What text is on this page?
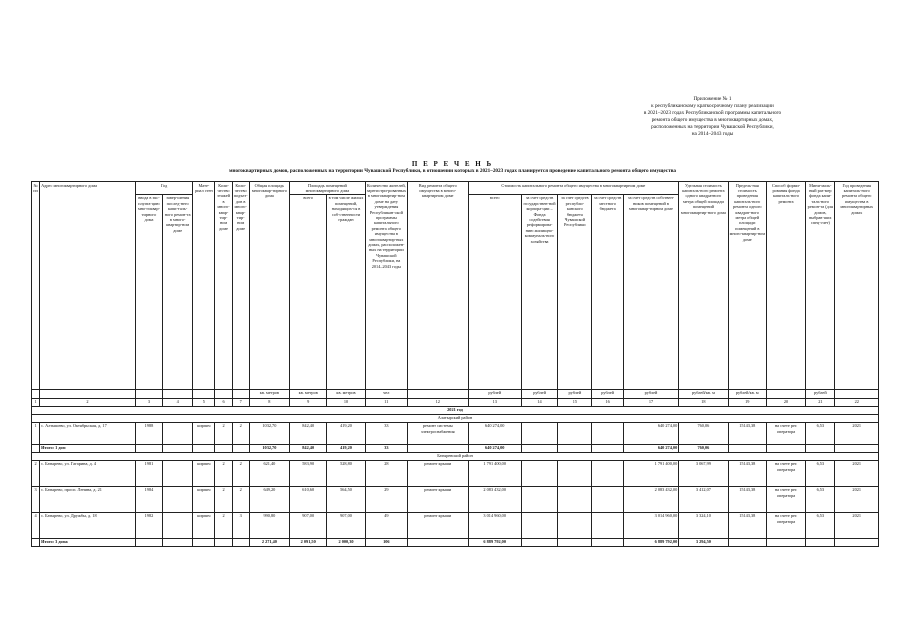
Приложение № 1
к республиканскому краткосрочному плану реализации
в 2021–2023 годах Республиканской программы капитального
ремонта общего имущества в многоквартирных домах,
расположенных на территории Чувашской Республики,
на 2014–2043 годы
П Е Р Е Ч Е Н Ь
многоквартирных домов, расположенных на территории Чувашской Республики, в отношении которых в 2021–2023 годах планируется проведение капитального ремонта общего имущества
№ пп	Адрес многоквартирного дома	Год		Мате-риал стен	Коли-чество этажей в много-квар-тир-ном доме	Коли-чество подъез-дов в много-квар-тир-ном доме	Общая площадь многоквар-тирного дома	Площадь помещений многоквартирного дома		Количество жителей, зарегистри-рованных в многоквартир-ном доме на дату утверждения Республикан-ской программы капитального ремонта общего имущества в многоквартир-ных домах, расположен-ных на территории Чувашской Республики, на 2014–2043 годы	Вид ремонта общего имущества в много-квартирном доме	Стоимость капитального ремонта общего имущества в многоквартирном доме					Удельная стоимость капиталь-ного ремонта одного квадратного метра общей площади помещений многоквартир-ного дома	Предель-ная стоимость проведения капиталь-ного ремонта одного квадрат-ного метра общей площади помещений в много-квартир-ном доме	Способ форми-рования фонда капиталь-ного ремонта	Мини-маль-ный раз-мер фонда капи-таль-ного ремон-та (для домов, выбрав-ших спец-счет)	Год проведения капиталь-ного ремонта общего имущества в многоквартирных домах
		ввода в экс-плуата-цию мно-гоквар-тирного дома	завер-шения послед-него капи-таль-ного ремон-та в много-квартир-ном доме					всего	в том числе жилых помещений, находящих-ся в соб-ственности граждан			всего	за счет средств государствен-ной корпора-ции – Фонда содействия реформирова-нию жилищно-коммуналь-ного хозяйства	за счет средств республи-канского бюджета Чувашской Республики	за счет средств местного бюджета	за счет средств собствен-ников помещений в многоквар-тирном доме					
							кв. метров	кв. метров	кв. метров	чел		рублей	рублей	рублей	рублей	рублей	рублей/кв. м	рублей/кв. м		рублей	
1	2	3	4	5	6	7	8	9	10	11	12	13	14	15	16	17	18	19	20	21	22
2021 год																					
Алатырский район																					
1	с. Алтышево, ул. Октябрьская, д. 17	1988		кирпич	2	2	1032,70	842,40	419,20	33	ремонт системы электроснабжения	640 274,00				640 274,00	760,06	15143,38	на счете рег. оператора	6,53	2021
	Итого: 1 дом						1032,70	842,40	419,20	33		640 274,00				640 274,00	760,06				
Батыревский район																					
2	с. Батырево, ул. Гагарина, д. 4	1981		кирпич	2	2	621,40	583,90	528,80	28	ремонт крыши	1 791 400,00				1 791 400,00	3 067,99	15143,38	на счете рег. оператора	6,53	2021
3	с. Батырево, просп. Ленина, д. 21	1984		кирпич	2	2	649,20	610,60	564,50	29	ремонт крыши	2 083 432,00				2 083 432,00	3 412,07	15143,38	на счете рег. оператора	6,53	2021
4	с. Батырево, ул. Дружбы, д. 18	1982		кирпич	2	3	990,80	907,00	907,00	49	ремонт крыши	3 014 960,00				3 014 960,00	3 324,10	15143,38	на счете рег. оператора	6,53	2021
	Итого: 3 дома						2 271,40	2 091,50	2 000,30	106		6 889 792,00				6 889 792,00	3 294,50				
